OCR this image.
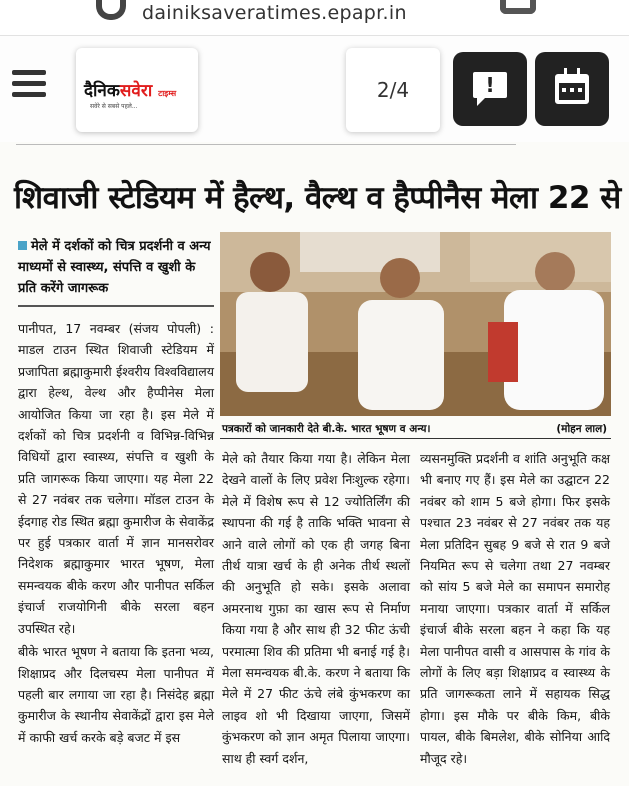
dainiksaveratimes.epapr.in
दैनिकसवेरा टाइम्स
सवेरे से सबसे पहले...
2/4	!
शिवाजी स्टेडियम में हैल्थ, वैल्थ व हैप्पीनैस मेला 22 से
मेले में दर्शकों को चित्र प्रदर्शनी व अन्य माध्यमों से स्वास्थ्य, संपत्ति व खुशी के प्रति करेंगे जागरूक
पत्रकारों को जानकारी देते बी.के. भारत भूषण व अन्य।	(मोहन लाल)

पानीपत, 17 नवम्बर (संजय पोपली) : माडल टाउन स्थित शिवाजी स्टेडियम में प्रजापिता ब्रह्माकुमारी ईश्वरीय विश्वविद्यालय द्वारा हेल्थ, वेल्थ और हैप्पीनेस मेला आयोजित किया जा रहा है। इस मेले में दर्शकों को चित्र प्रदर्शनी व विभिन्न-विभिन्न विधियों द्वारा स्वास्थ्य, संपत्ति व खुशी के प्रति जागरूक किया जाएगा। यह मेला 22 से 27 नवंबर तक चलेगा। मॉडल टाउन के ईदगाह रोड स्थित ब्रह्मा कुमारीज के सेवाकेंद्र पर हुई पत्रकार वार्ता में ज्ञान मानसरोवर निदेशक ब्रह्माकुमार भारत भूषण, मेला समन्वयक बीके करण और पानीपत सर्किल इंचार्ज राजयोगिनी बीके सरला बहन उपस्थित रहे।

बीके भारत भूषण ने बताया कि इतना भव्य, शिक्षाप्रद और दिलचस्प मेला पानीपत में पहली बार लगाया जा रहा है। निसंदेह ब्रह्मा कुमारीज के स्थानीय सेवाकेंद्रों द्वारा इस मेले में काफी खर्च करके बड़े बजट में इस

मेले को तैयार किया गया है। लेकिन मेला देखने वालों के लिए प्रवेश निःशुल्क रहेगा। मेले में विशेष रूप से 12 ज्योतिर्लिंग की स्थापना की गई है ताकि भक्ति भावना से आने वाले लोगों को एक ही जगह बिना तीर्थ यात्रा खर्च के ही अनेक तीर्थ स्थलों की अनुभूति हो सके। इसके अलावा अमरनाथ गुफ़ा का खास रूप से निर्माण किया गया है और साथ ही 32 फीट ऊंची परमात्मा शिव की प्रतिमा भी बनाई गई है। मेला समन्वयक बी.के. करण ने बताया कि मेले में 27 फीट ऊंचे लंबे कुंभकरण का लाइव शो भी दिखाया जाएगा, जिसमें कुंभकरण को ज्ञान अमृत पिलाया जाएगा। साथ ही स्वर्ग दर्शन,

व्यसनमुक्ति प्रदर्शनी व शांति अनुभूति कक्ष भी बनाए गए हैं। इस मेले का उद्घाटन 22 नवंबर को शाम 5 बजे होगा। फिर इसके पश्चात 23 नवंबर से 27 नवंबर तक यह मेला प्रतिदिन सुबह 9 बजे से रात 9 बजे नियमित रूप से चलेगा तथा 27 नवम्बर को सांय 5 बजे मेले का समापन समारोह मनाया जाएगा। पत्रकार वार्ता में सर्किल इंचार्ज बीके सरला बहन ने कहा कि यह मेला पानीपत वासी व आसपास के गांव के लोगों के लिए बड़ा शिक्षाप्रद व स्वास्थ्य के प्रति जागरूकता लाने में सहायक सिद्ध होगा। इस मौके पर बीके किम, बीके पायल, बीके बिमलेश, बीके सोनिया आदि मौजूद रहे।
